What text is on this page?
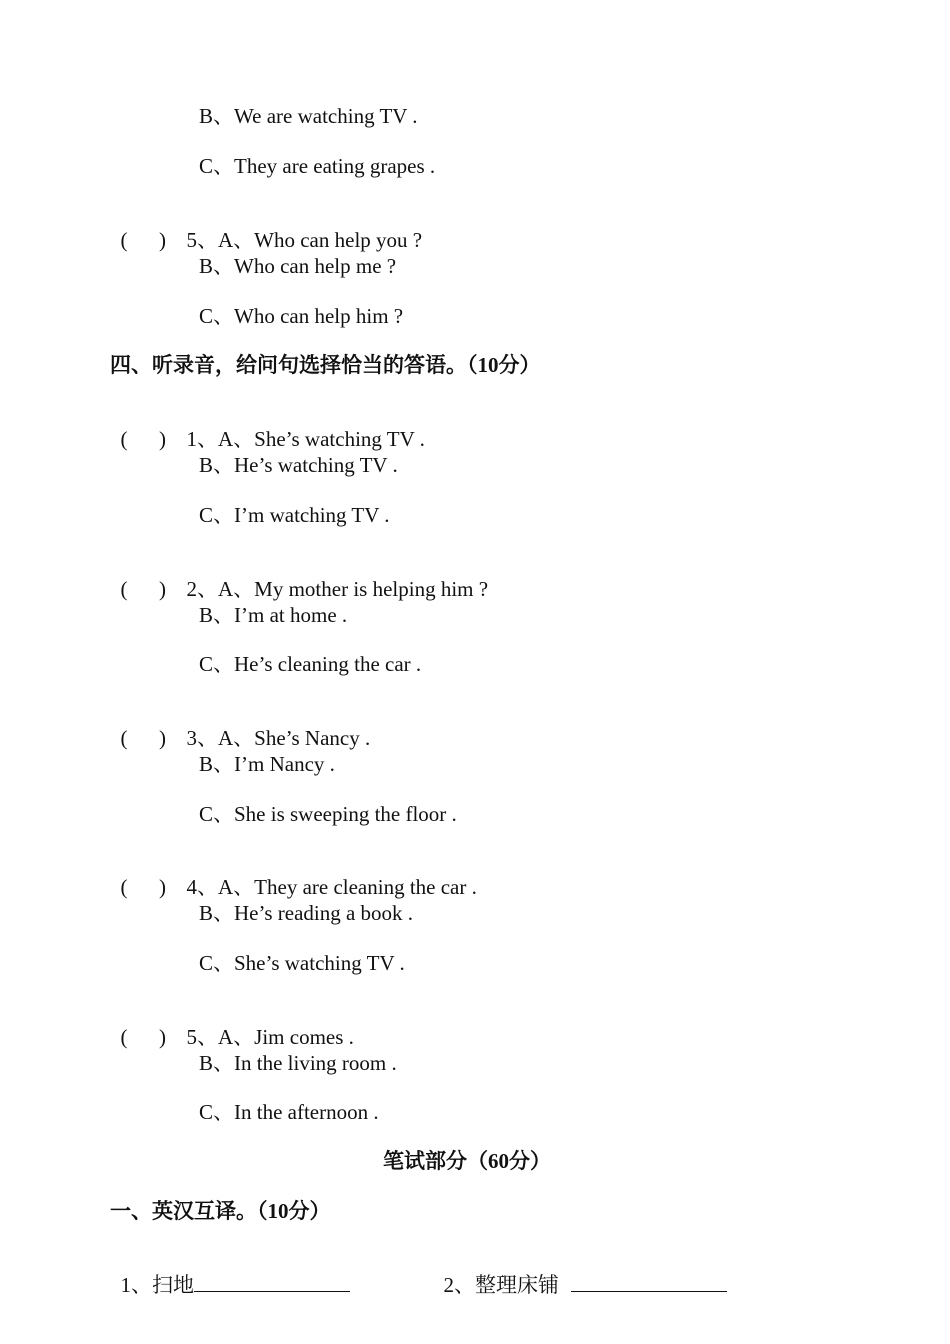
B、We are watching TV .
C、They are eating grapes .

(      ) 5、A、Who can help you ?

B、Who can help me ?
C、Who can help him ?
四、听录音，给问句选择恰当的答语。（10分）

(      ) 1、A、She’s watching TV .

B、He’s watching TV .
C、I’m watching TV .

(      ) 2、A、My mother is helping him ?

B、I’m at home .
C、He’s cleaning the car .

(      ) 3、A、She’s Nancy .

B、I’m Nancy .
C、She is sweeping the floor .

(      ) 4、A、They are cleaning the car .

B、He’s reading a book .
C、She’s watching TV .

(      ) 5、A、Jim comes .

B、In the living room .
C、In the afternoon .
笔试部分（60分）
一、英汉互译。（10分）

1、扫地	2、整理床铺
